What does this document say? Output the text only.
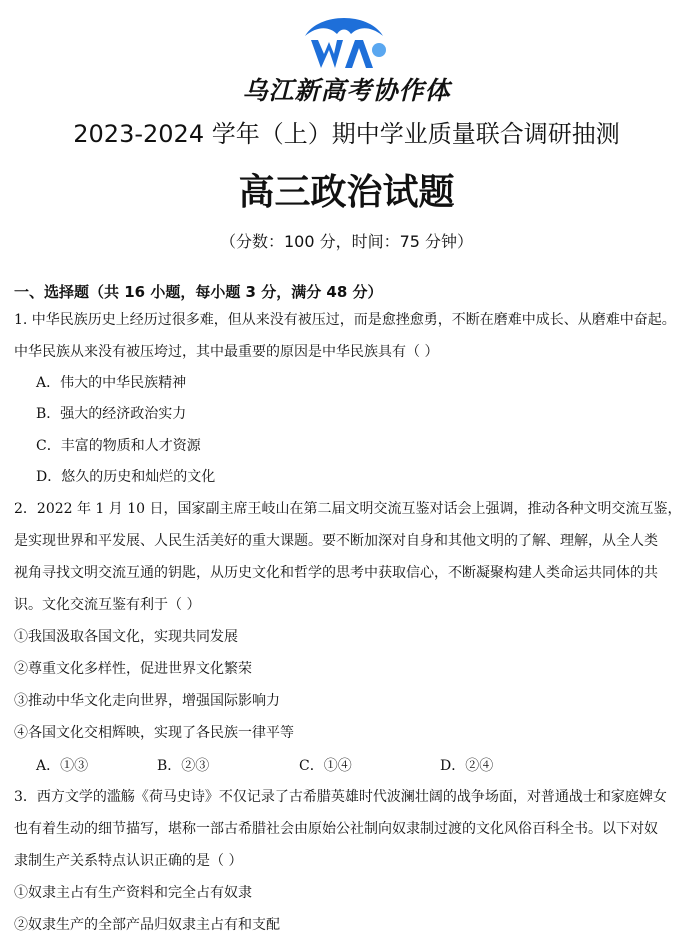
乌江新高考协作体
2023-2024 学年（上）期中学业质量联合调研抽测
高三政治试题
（分数：100 分，时间：75 分钟）
一、选择题（共 16 小题，每小题 3 分，满分 48 分）
1. 中华民族历史上经历过很多难，但从来没有被压过，而是愈挫愈勇，不断在磨难中成长、从磨难中奋起。
中华民族从来没有被压垮过，其中最重要的原因是中华民族具有（ ）
A．伟大的中华民族精神
B．强大的经济政治实力
C．丰富的物质和人才资源
D．悠久的历史和灿烂的文化
2．2022 年 1 月 10 日，国家副主席王岐山在第二届文明交流互鉴对话会上强调，推动各种文明交流互鉴，
是实现世界和平发展、人民生活美好的重大课题。要不断加深对自身和其他文明的了解、理解，从全人类
视角寻找文明交流互通的钥匙，从历史文化和哲学的思考中获取信心，不断凝聚构建人类命运共同体的共
识。文化交流互鉴有利于（ ）
①我国汲取各国文化，实现共同发展
②尊重文化多样性，促进世界文化繁荣
③推动中华文化走向世界，增强国际影响力
④各国文化交相辉映，实现了各民族一律平等
A．①③	B．②③	C．①④	D．②④
3．西方文学的滥觞《荷马史诗》不仅记录了古希腊英雄时代波澜壮阔的战争场面，对普通战士和家庭婢女
也有着生动的细节描写，堪称一部古希腊社会由原始公社制向奴隶制过渡的文化风俗百科全书。以下对奴
隶制生产关系特点认识正确的是（ ）
①奴隶主占有生产资料和完全占有奴隶
②奴隶生产的全部产品归奴隶主占有和支配
